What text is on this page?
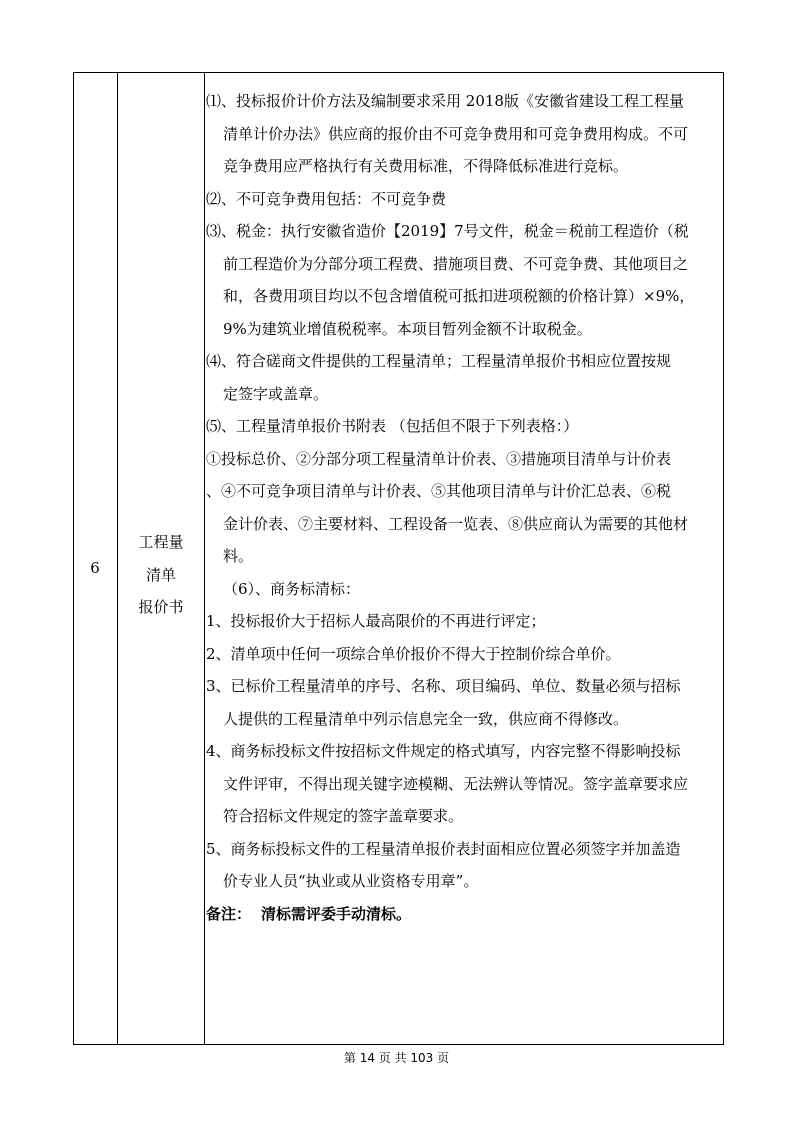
6
工程量
清单
报价书
⑴、投标报价计价方法及编制要求采用 2018版《安徽省建设工程工程量
清单计价办法》供应商的报价由不可竞争费用和可竞争费用构成。不可
竞争费用应严格执行有关费用标准，不得降低标准进行竞标。
⑵、不可竞争费用包括：不可竞争费
⑶、税金：执行安徽省造价【2019】7号文件，税金＝税前工程造价（税
前工程造价为分部分项工程费、措施项目费、不可竞争费、其他项目之
和，各费用项目均以不包含增值税可抵扣进项税额的价格计算）×9%，
9%为建筑业增值税税率。本项目暂列金额不计取税金。
⑷、符合磋商文件提供的工程量清单；工程量清单报价书相应位置按规
定签字或盖章。
⑸、工程量清单报价书附表 （包括但不限于下列表格：）
①投标总价、②分部分项工程量清单计价表、③措施项目清单与计价表
、④不可竞争项目清单与计价表、⑤其他项目清单与计价汇总表、⑥税
金计价表、⑦主要材料、工程设备一览表、⑧供应商认为需要的其他材
料。
（6）、商务标清标：
1、投标报价大于招标人最高限价的不再进行评定；
2、清单项中任何一项综合单价报价不得大于控制价综合单价。
3、已标价工程量清单的序号、名称、项目编码、单位、数量必须与招标
人提供的工程量清单中列示信息完全一致，供应商不得修改。
4、商务标投标文件按招标文件规定的格式填写，内容完整不得影响投标
文件评审，不得出现关键字迹模糊、无法辨认等情况。签字盖章要求应
符合招标文件规定的签字盖章要求。
5、商务标投标文件的工程量清单报价表封面相应位置必须签字并加盖造
价专业人员“执业或从业资格专用章”。
备注： 清标需评委手动清标。
第 14 页 共 103 页
